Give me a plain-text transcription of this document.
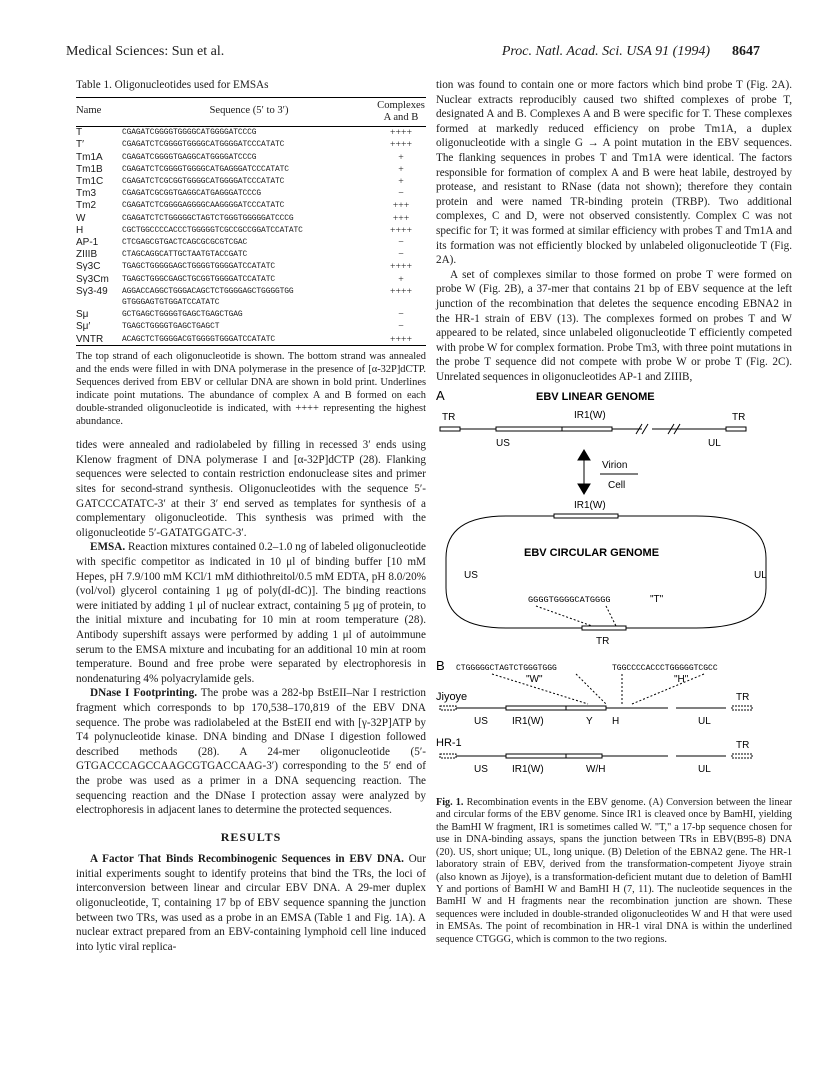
Medical Sciences: Sun et al.	Proc. Natl. Acad. Sci. USA 91 (1994) 8647
Table 1. Oligonucleotides used for EMSAs
Name	Sequence (5′ to 3′)	Complexes A and B
T	CGAGATCGGGGTGGGGCATGGGGATCCCG	++++
T′	CGAGATCTCGGGGTGGGGCATGGGGATCCCATATC	++++
Tm1A	CGAGATCGGGGTGAGGCATGGGGATCCCG	+
Tm1B	CGAGATCTCGGGGTGGGGCATGAGGGATCCCATATC	+
Tm1C	CGAGATCTCGCGGTGGGGCATGGGGATCCCATATC	+
Tm3	CGAGATCGCGGTGAGGCATGAGGGATCCCG	−
Tm2	CGAGATCTCGGGGAGGGGCAAGGGGATCCCATATC	+++
W	CGAGATCTCTGGGGGCTAGTCTGGGTGGGGGATCCCG	+++
H	CGCTGGCCCCACCCTGGGGGTCGCCGCCGGATCCATATC	++++
AP-1	CTCGAGCGTGACTCAGCGCGCGTCGAC	−
ZIIIB	CTAGCAGGCATTGCTAATGTACCGATC	−
Sγ3C	TGAGCTGGGGGAGCTGGGGTGGGGATCCATATC	++++
Sγ3Cm	TGAGCTGGGCGAGCTGCGGTGGGGATCCATATC	+
Sγ3-49	AGGACCAGGCTGGGACAGCTCTGGGGAGCTGGGGTGG GTGGGAGTGTGGATCCATATC	++++
Sμ	GCTGAGCTGGGGTGAGCTGAGCTGAG	−
Sμ′	TGAGCTGGGGTGAGCTGAGCT	−
VNTR	ACAGCTCTGGGGACGTGGGGTGGGATCCATATC	++++
The top strand of each oligonucleotide is shown. The bottom strand was annealed and the ends were filled in with DNA polymerase in the presence of [α-32P]dCTP. Sequences derived from EBV or cellular DNA are shown in bold print. Underlines indicate point mutations. The abundance of complex A and B formed on each double-stranded oligonucleotide is indicated, with ++++ representing the highest abundance.

tides were annealed and radiolabeled by filling in recessed 3′ ends using Klenow fragment of DNA polymerase I and [α-32P]dCTP (28). Flanking sequences were selected to contain restriction endonuclease sites and primer sites for second-strand synthesis. Oligonucleotides with the sequence 5′-GATCCCATATC-3′ at their 3′ end served as templates for synthesis of a complementary oligonucleotide. This synthesis was primed with the oligonucleotide 5′-GATATGGATC-3′.

EMSA. Reaction mixtures contained 0.2–1.0 ng of labeled oligonucleotide with specific competitor as indicated in 10 μl of binding buffer [10 mM Hepes, pH 7.9/100 mM KCl/1 mM dithiothreitol/0.5 mM EDTA, pH 8.0/20% (vol/vol) glycerol containing 1 μg of poly(dI-dC)]. The binding reactions were initiated by adding 1 μl of nuclear extract, containing 5 μg of protein, to the initial mixture and incubating for 10 min at room temperature (28). Antibody supershift assays were performed by adding 1 μl of autoimmune serum to the EMSA mixture and incubating for an additional 10 min at room temperature. Bound and free probe were separated by electrophoresis in nondenaturing 4% polyacrylamide gels.

DNase I Footprinting. The probe was a 282-bp BstEII–Nar I restriction fragment which corresponds to bp 170,538–170,819 of the EBV DNA sequence. The probe was radiolabeled at the BstEII end with [γ-32P]ATP by T4 polynucleotide kinase. DNA binding and DNase I digestion followed described methods (28). A 24-mer oligonucleotide (5′-GTGACCCAGCCAAGCGTGACCAAG-3′) corresponding to the 5′ end of the probe was used as a primer in a DNA sequencing reaction. The sequencing reaction and the DNase I protection assay were analyzed by electrophoresis in adjacent lanes to determine the protected sequences.

RESULTS

A Factor That Binds Recombinogenic Sequences in EBV DNA. Our initial experiments sought to identify proteins that bind the TRs, the loci of interconversion between linear and circular EBV DNA. A 29-mer duplex oligonucleotide, T, containing 17 bp of EBV sequence spanning the junction between two TRs, was used as a probe in an EMSA (Table 1 and Fig. 1A). A nuclear extract prepared from an EBV-containing lymphoid cell line induced into lytic viral replica-

tion was found to contain one or more factors which bind probe T (Fig. 2A). Nuclear extracts reproducibly caused two shifted complexes of probe T, designated A and B. Complexes A and B were specific for T. These complexes formed at markedly reduced efficiency on probe Tm1A, a duplex oligonucleotide with a single G → A point mutation in the EBV sequences. The flanking sequences in probes T and Tm1A were identical. The factors responsible for formation of complex A and B were heat labile, destroyed by protease, and resistant to RNase (data not shown); therefore they contain protein and were named TR-binding protein (TRBP). Two additional complexes, C and D, were not observed consistently. Complex C was not specific for T; it was formed at similar efficiency with probes T and Tm1A and its formation was not efficiently blocked by unlabeled oligonucleotide T (Fig. 2A).

A set of complexes similar to those formed on probe T were formed on probe W (Fig. 2B), a 37-mer that contains 21 bp of EBV sequence at the left junction of the recombination that deletes the sequence encoding EBNA2 in the HR-1 strain of EBV (13). The complexes formed on probes T and W appeared to be related, since unlabeled oligonucleotide T efficiently competed with probe W for complex formation. Probe Tm3, with three point mutations in the probe T sequence did not compete with probe W or probe T (Fig. 2C). Unrelated sequences in oligonucleotides AP-1 and ZIIIB,

A	EBV LINEAR GENOME
TR	TR
IR1(W)
US	UL
Virion
Cell
IR1(W)
EBV CIRCULAR GENOME
US	UL
GGGGTGGGGCATGGGG	"T"
TR
B CTGGGGGCTAGTCTGGGTGGG	TGGCCCCACCCTGGGGGTCGCC
"W"	"H"
Jiyoye	TR
US IR1(W)	Y H	UL
HR-1	TR
US IR1(W)	W/H	UL

Fig. 1. Recombination events in the EBV genome. (A) Conversion between the linear and circular forms of the EBV genome. Since IR1 is cleaved once by BamHI, yielding the BamHI W fragment, IR1 is sometimes called W. "T," a 17-bp sequence chosen for use in DNA-binding assays, spans the junction between TRs in EBV(B95-8) DNA (20). US, short unique; UL, long unique. (B) Deletion of the EBNA2 gene. The HR-1 laboratory strain of EBV, derived from the transformation-competent Jiyoye strain (also known as Jijoye), is a transformation-deficient mutant due to deletion of BamHI Y and portions of BamHI W and BamHI H (7, 11). The nucleotide sequences in the BamHI W and H fragments near the recombination junction are shown. These sequences were included in double-stranded oligonucleotides W and H that were used in EMSAs. The point of recombination in HR-1 viral DNA is within the underlined sequence CTGGG, which is common to the two regions.
